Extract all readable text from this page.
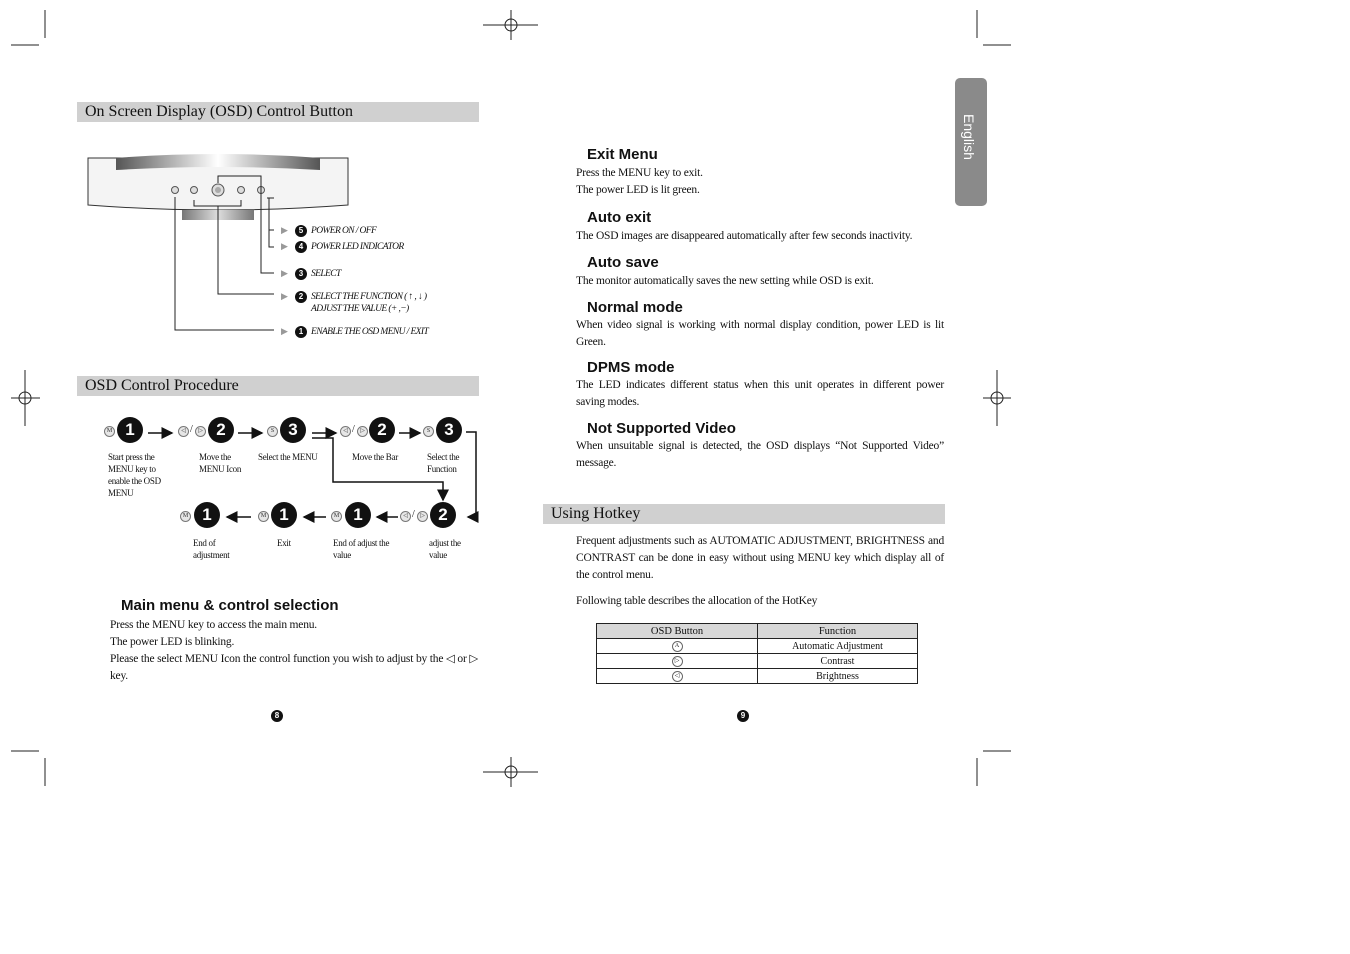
On Screen Display (OSD) Control Button
▶	5 POWER ON / OFF
▶	4 POWER LED INDICATOR
▶	3 SELECT
▶	2 SELECT THE FUNCTION ( ↑ , ↓ )
ADJUST THE VALUE (+ ,−)
▶	1 ENABLE THE OSD MENU / EXIT
OSD Control Procedure
M 1	◁ / ▷ 2	S 3	◁ / ▷ 2	S 3
Start press the MENU key to enable the OSD MENU
Move the MENU Icon
Select the MENU	Move the Bar	Select the Function
M 1	M 1	M 1	◁ / ▷ 2
End of adjustment
Exit	End of adjust the value
adjust the value
Main menu & control selection

Press the MENU key to access the main menu.

The power LED is blinking.

Please the select MENU Icon the control function you wish to adjust by the ◁ or ▷ key.

8
English
Exit Menu

Press the MENU key to exit.

The power LED is lit green.

Auto exit

The OSD images are disappeared automatically after few seconds inactivity.

Auto save

The monitor automatically saves the new setting while OSD is exit.

Normal mode

When video signal is working with normal display condition, power LED is lit Green.

DPMS mode

The LED indicates different status when this unit operates in different power saving modes.

Not Supported Video

When unsuitable signal is detected, the OSD displays “Not Supported Video” message.

Using Hotkey
Frequent adjustments such as AUTOMATIC ADJUSTMENT, BRIGHTNESS and CONTRAST can be done in easy without using MENU key which display all of the control menu.
Following table describes the allocation of the HotKey
OSD Button	Function
A	Automatic Adjustment
▷	Contrast
◁	Brightness
9
